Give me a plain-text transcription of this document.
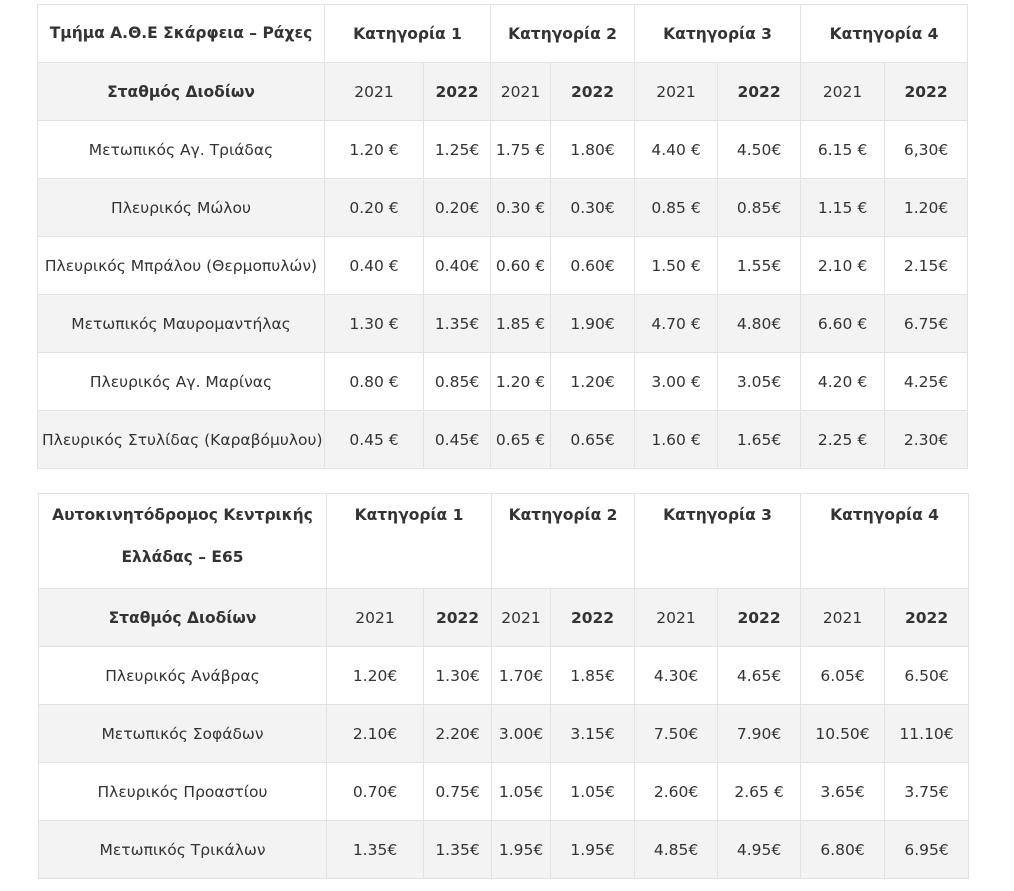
Τμήμα Α.Θ.Ε Σκάρφεια – Ράχες	Κατηγορία 1		Κατηγορία 2		Κατηγορία 3		Κατηγορία 4	
Σταθμός Διοδίων	2021	2022	2021	2022	2021	2022	2021	2022
Μετωπικός Αγ. Τριάδας	1.20 €	1.25€	1.75 €	1.80€	4.40 €	4.50€	6.15 €	6,30€
Πλευρικός Μώλου	0.20 €	0.20€	0.30 €	0.30€	0.85 €	0.85€	1.15 €	1.20€
Πλευρικός Μπράλου (Θερμοπυλών)	0.40 €	0.40€	0.60 €	0.60€	1.50 €	1.55€	2.10 €	2.15€
Μετωπικός Μαυρομαντήλας	1.30 €	1.35€	1.85 €	1.90€	4.70 €	4.80€	6.60 €	6.75€
Πλευρικός Αγ. Μαρίνας	0.80 €	0.85€	1.20 €	1.20€	3.00 €	3.05€	4.20 €	4.25€
Πλευρικός Στυλίδας (Καραβόμυλου)	0.45 €	0.45€	0.65 €	0.65€	1.60 €	1.65€	2.25 €	2.30€
Αυτοκινητόδρομος Κεντρικής Ελλάδας – Ε65	Κατηγορία 1		Κατηγορία 2		Κατηγορία 3		Κατηγορία 4	
Σταθμός Διοδίων	2021	2022	2021	2022	2021	2022	2021	2022
Πλευρικός Ανάβρας	1.20€	1.30€	1.70€	1.85€	4.30€	4.65€	6.05€	6.50€
Μετωπικός Σοφάδων	2.10€	2.20€	3.00€	3.15€	7.50€	7.90€	10.50€	11.10€
Πλευρικός Προαστίου	0.70€	0.75€	1.05€	1.05€	2.60€	2.65 €	3.65€	3.75€
Μετωπικός Τρικάλων	1.35€	1.35€	1.95€	1.95€	4.85€	4.95€	6.80€	6.95€
